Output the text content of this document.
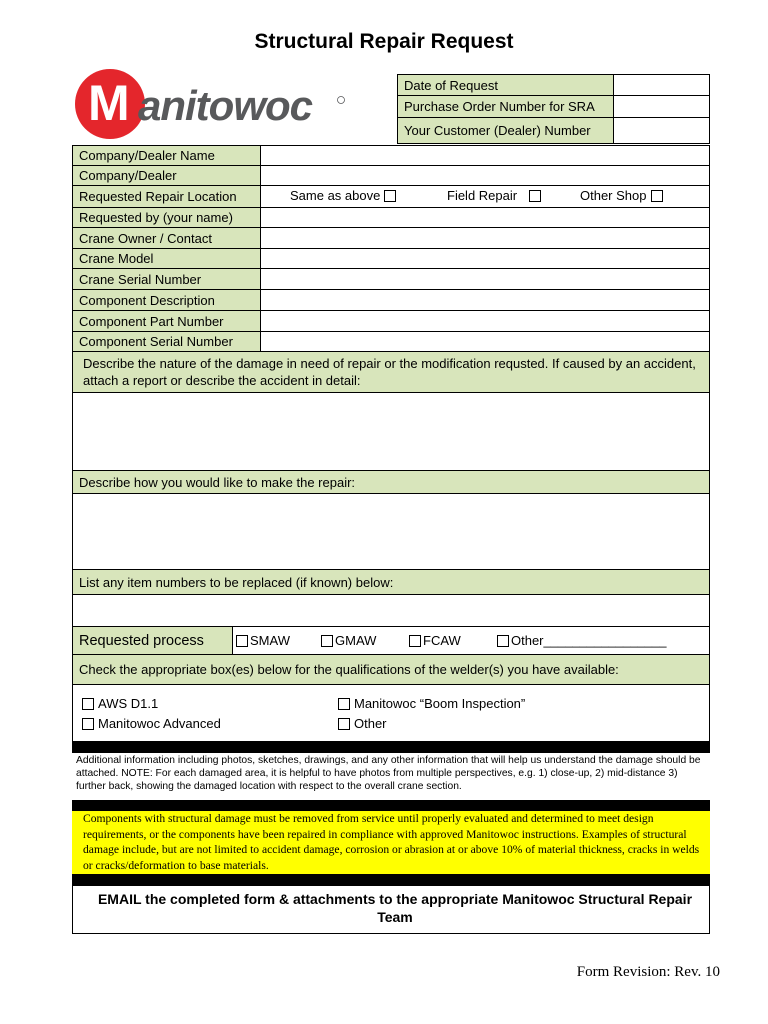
Structural Repair Request
M anitowoc	Date of Request
Purchase Order Number for SRA
Your Customer (Dealer) Number
Company/Dealer Name
Company/Dealer
Requested Repair Location	Same as above	Field Repair	Other Shop
Requested by (your name)
Crane Owner / Contact
Crane Model
Crane Serial Number
Component Description
Component Part Number
Component Serial Number
Describe the nature of the damage in need of repair or the modification requsted. If caused by an accident, attach a report or describe the accident in detail:
Describe how you would like to make the repair:
List any item numbers to be replaced (if known) below:
Requested process	SMAW	GMAW	FCAW	Other _________________
Check the appropriate box(es) below for the qualifications of the welder(s) you have available:
AWS D1.1
Manitowoc Advanced
Manitowoc “Boom Inspection”
Other
Additional information including photos, sketches, drawings, and any other information that will help us understand the damage should be attached. NOTE: For each damaged area, it is helpful to have photos from multiple perspectives, e.g. 1) close-up, 2) mid-distance 3) further back, showing the damaged location with respect to the overall crane section.
Components with structural damage must be removed from service until properly evaluated and determined to meet design requirements, or the components have been repaired in compliance with approved Manitowoc instructions. Examples of structural damage include, but are not limited to accident damage, corrosion or abrasion at or above 10% of material thickness, cracks in welds or cracks/deformation to base materials.
EMAIL the completed form & attachments to the appropriate Manitowoc Structural Repair Team
Form Revision: Rev. 10
